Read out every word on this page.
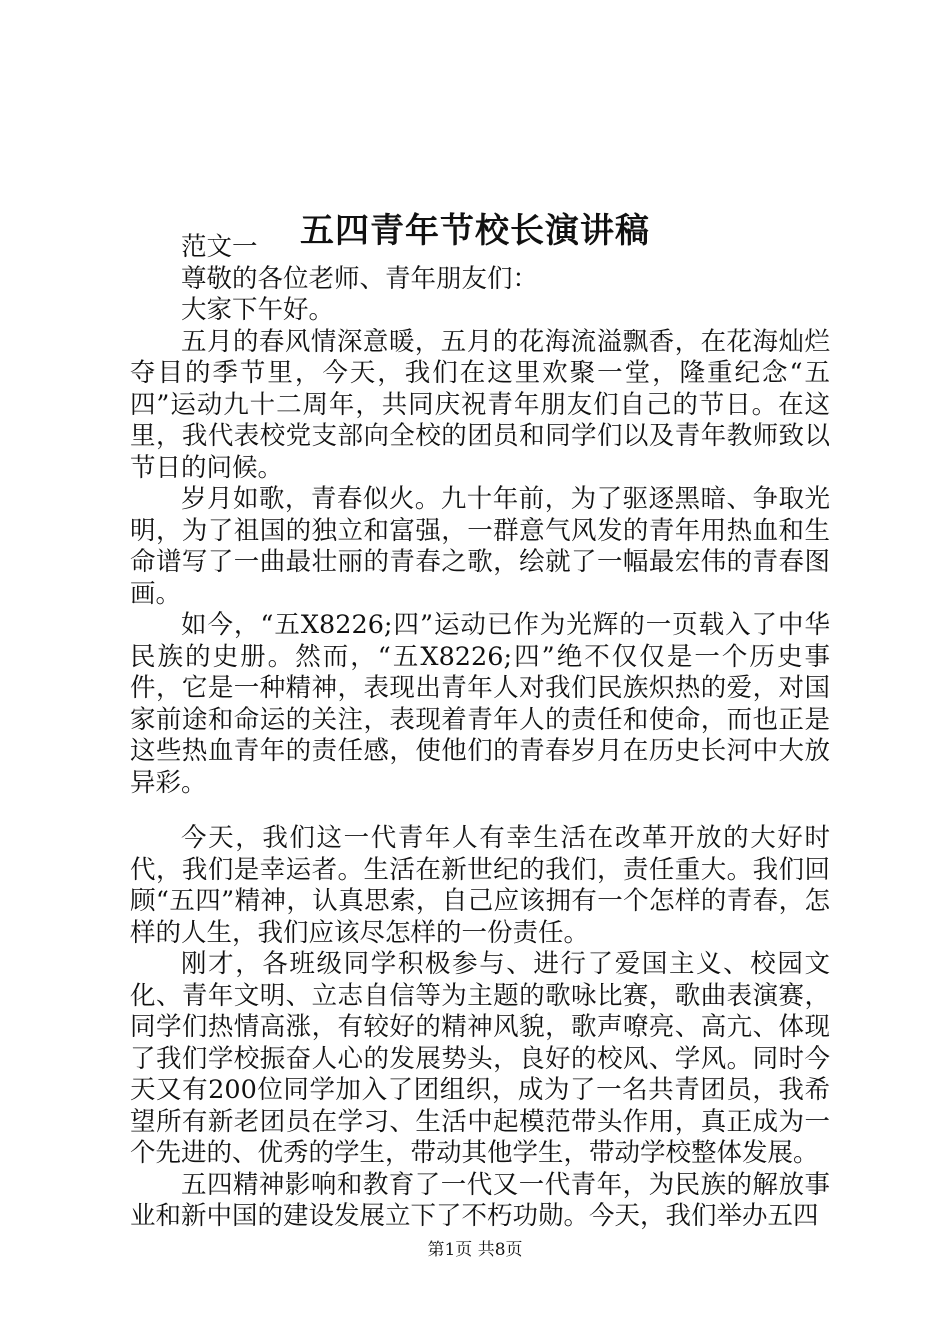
五四青年节校长演讲稿

范文一

尊敬的各位老师、青年朋友们：

大家下午好。

五月的春风情深意暖，五月的花海流溢飘香，在花海灿烂夺目的季节里，今天，我们在这里欢聚一堂，隆重纪念“五四”运动九十二周年，共同庆祝青年朋友们自己的节日。在这里，我代表校党支部向全校的团员和同学们以及青年教师致以节日的问候。

岁月如歌，青春似火。九十年前，为了驱逐黑暗、争取光明，为了祖国的独立和富强，一群意气风发的青年用热血和生命谱写了一曲最壮丽的青春之歌，绘就了一幅最宏伟的青春图画。

如今，“五X8226;四”运动已作为光辉的一页载入了中华民族的史册。然而，“五X8226;四”绝不仅仅是一个历史事件，它是一种精神，表现出青年人对我们民族炽热的爱，对国家前途和命运的关注，表现着青年人的责任和使命，而也正是这些热血青年的责任感，使他们的青春岁月在历史长河中大放异彩。

今天，我们这一代青年人有幸生活在改革开放的大好时代，我们是幸运者。生活在新世纪的我们，责任重大。我们回顾“五四”精神，认真思索，自己应该拥有一个怎样的青春，怎样的人生，我们应该尽怎样的一份责任。

刚才，各班级同学积极参与、进行了爱国主义、校园文化、青年文明、立志自信等为主题的歌咏比赛，歌曲表演赛，同学们热情高涨，有较好的精神风貌，歌声嘹亮、高亢、体现了我们学校振奋人心的发展势头，良好的校风、学风。同时今天又有200位同学加入了团组织，成为了一名共青团员，我希望所有新老团员在学习、生活中起模范带头作用，真正成为一个先进的、优秀的学生，带动其他学生，带动学校整体发展。

五四精神影响和教育了一代又一代青年，为民族的解放事业和新中国的建设发展立下了不朽功勋。今天，我们举办五四

第1页 共8页
